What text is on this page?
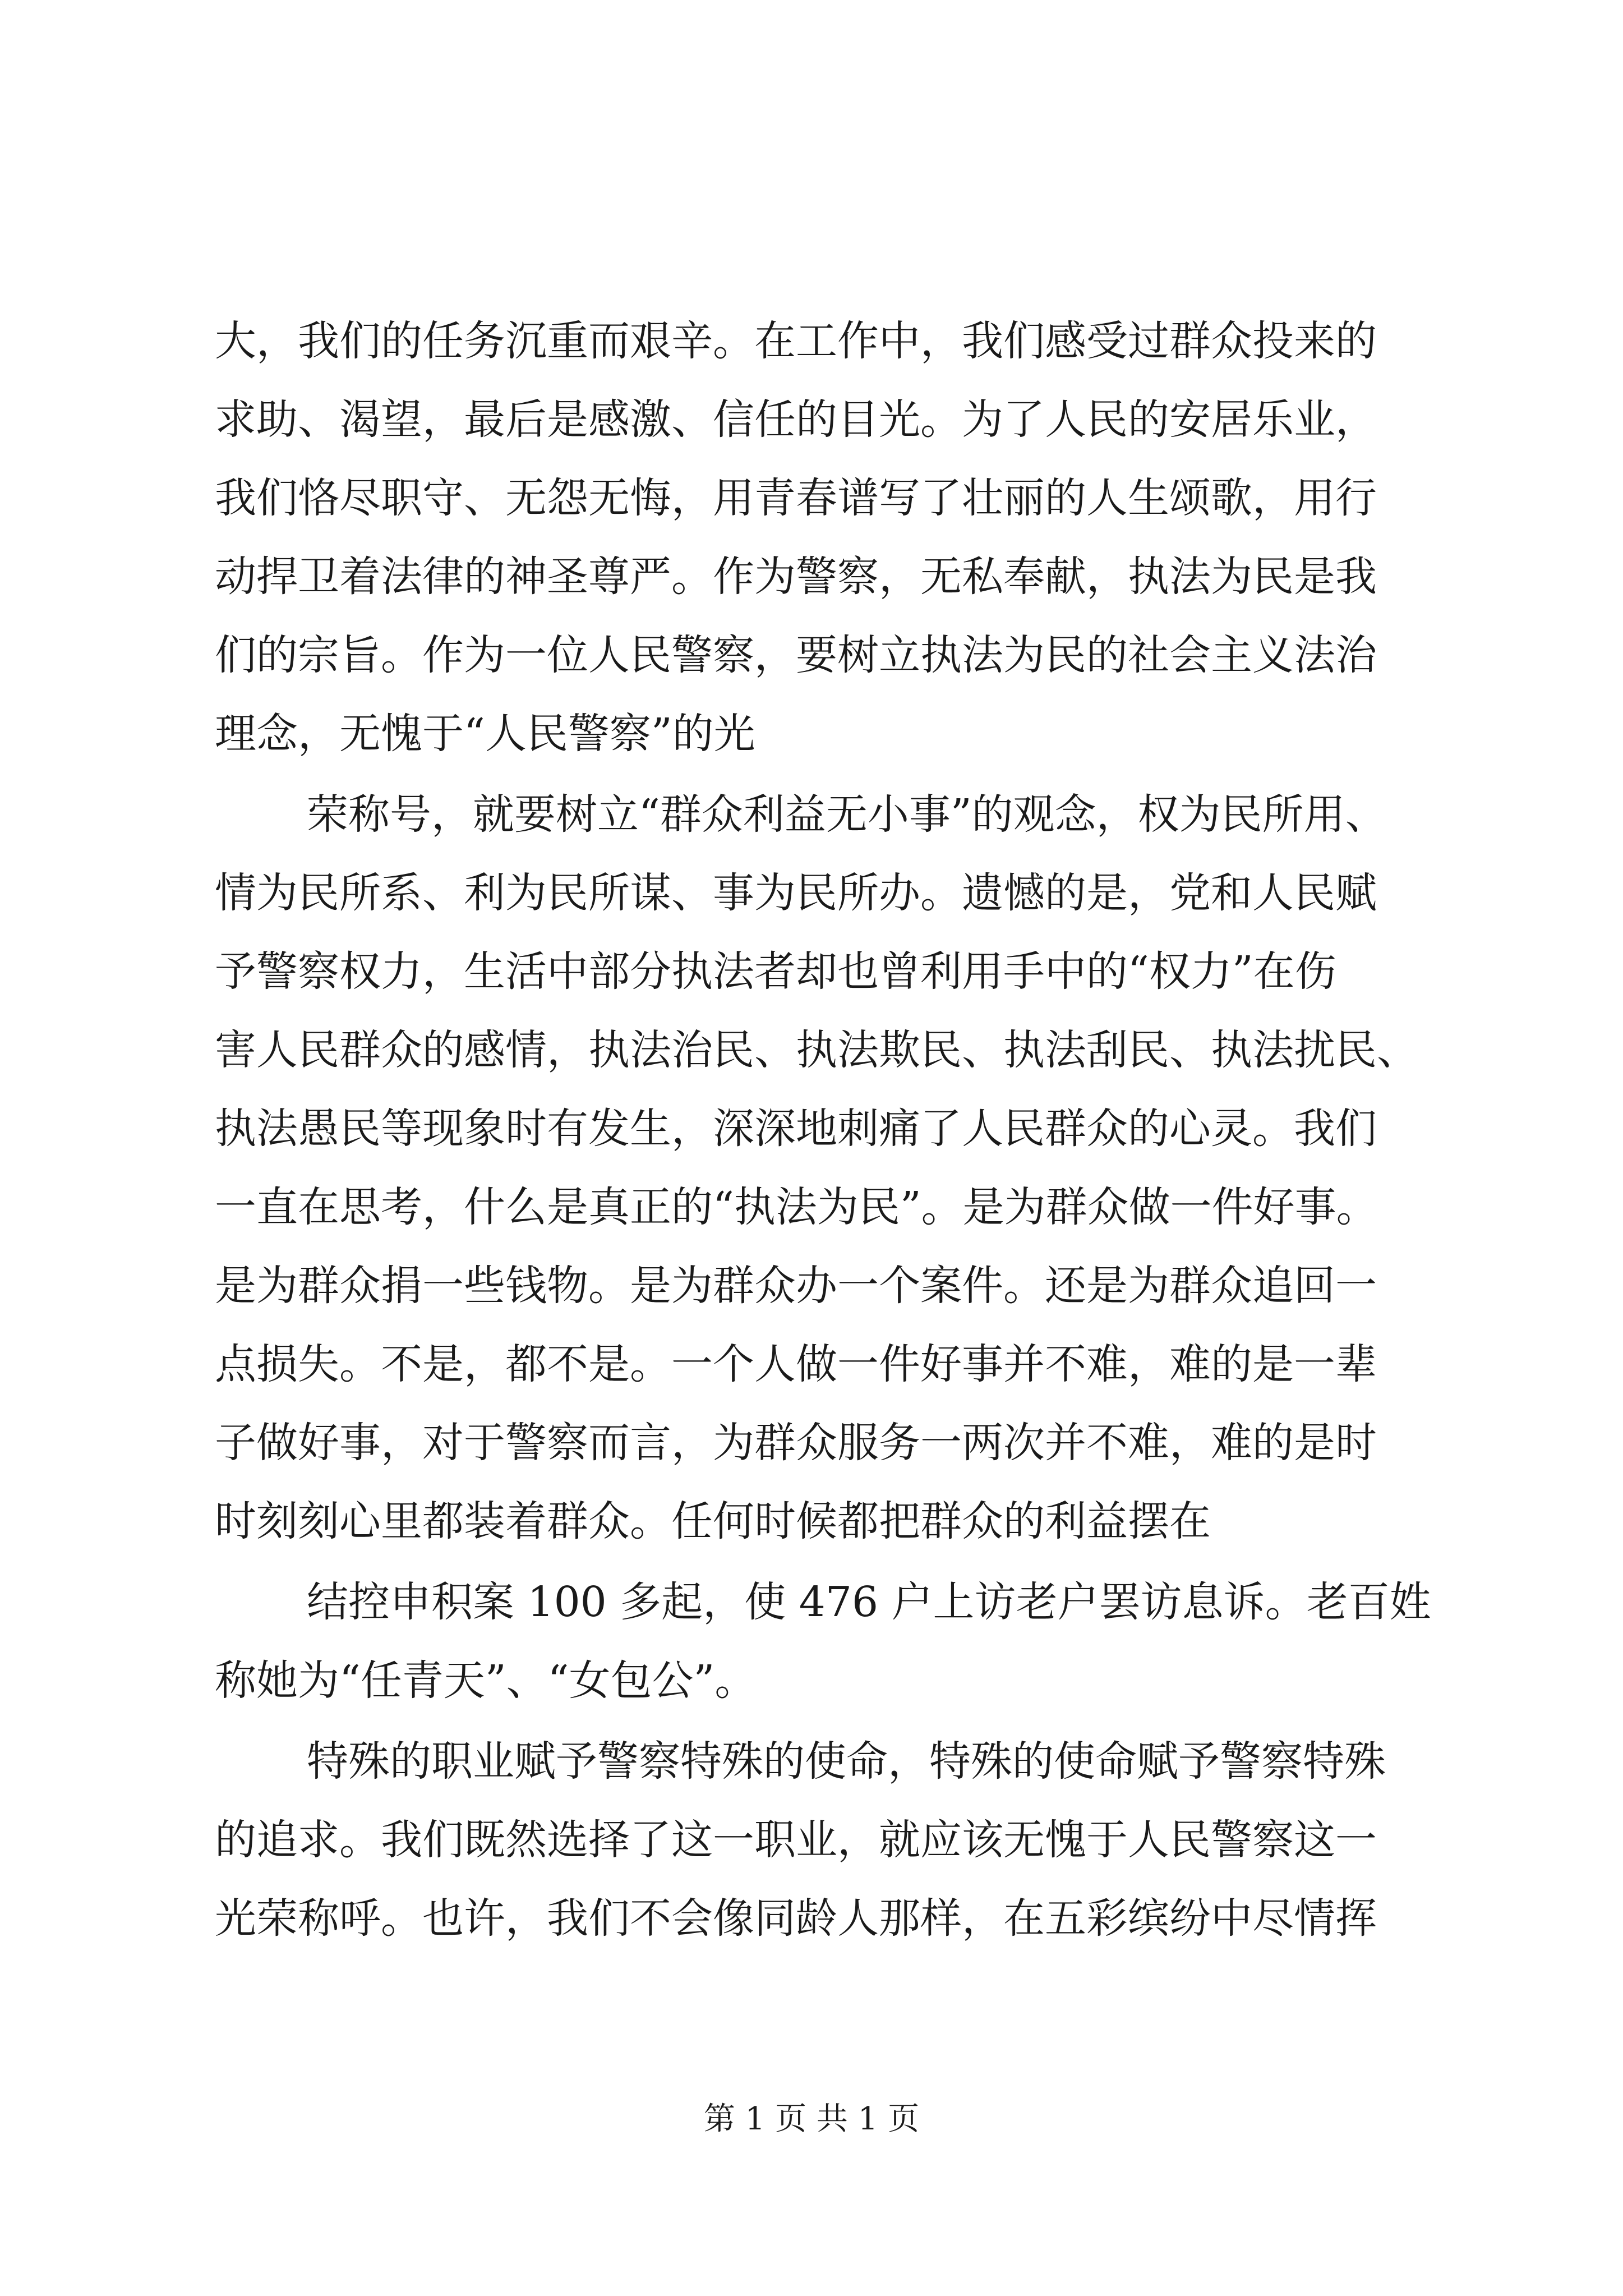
大，我们的任务沉重而艰辛。在工作中，我们感受过群众投来的
求助、渴望，最后是感激、信任的目光。为了人民的安居乐业，
我们恪尽职守、无怨无悔，用青春谱写了壮丽的人生颂歌，用行
动捍卫着法律的神圣尊严。作为警察，无私奉献，执法为民是我
们的宗旨。作为一位人民警察，要树立执法为民的社会主义法治
理念，无愧于“人民警察”的光
荣称号，就要树立“群众利益无小事”的观念，权为民所用、
情为民所系、利为民所谋、事为民所办。遗憾的是，党和人民赋
予警察权力，生活中部分执法者却也曾利用手中的“权力”在伤
害人民群众的感情，执法治民、执法欺民、执法刮民、执法扰民、
执法愚民等现象时有发生，深深地刺痛了人民群众的心灵。我们
一直在思考，什么是真正的“执法为民”。是为群众做一件好事。
是为群众捐一些钱物。是为群众办一个案件。还是为群众追回一
点损失。不是，都不是。一个人做一件好事并不难，难的是一辈
子做好事，对于警察而言，为群众服务一两次并不难，难的是时
时刻刻心里都装着群众。任何时候都把群众的利益摆在
结控申积案 100 多起，使 476 户上访老户罢访息诉。老百姓
称她为“任青天”、“女包公”。
特殊的职业赋予警察特殊的使命，特殊的使命赋予警察特殊
的追求。我们既然选择了这一职业，就应该无愧于人民警察这一
光荣称呼。也许，我们不会像同龄人那样，在五彩缤纷中尽情挥
第 1 页 共 1 页
